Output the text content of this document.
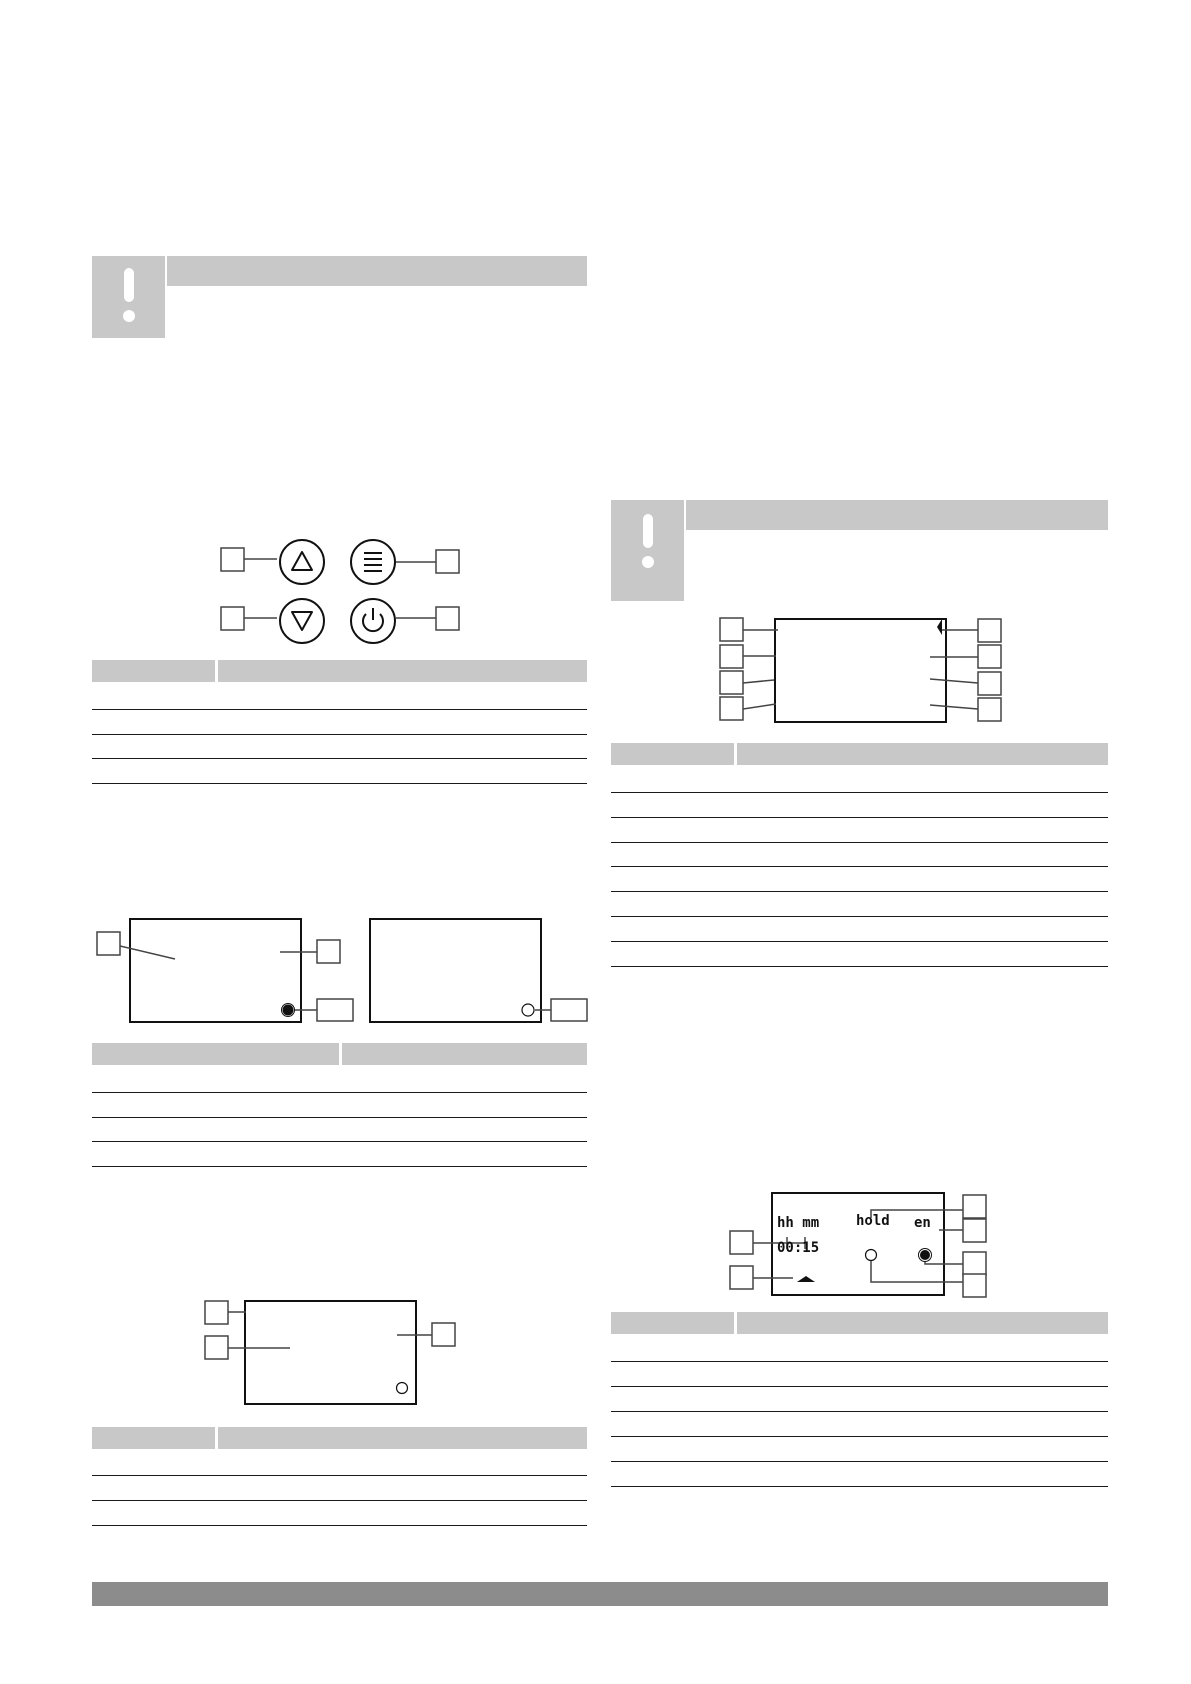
hh mm
00:15
hold en
